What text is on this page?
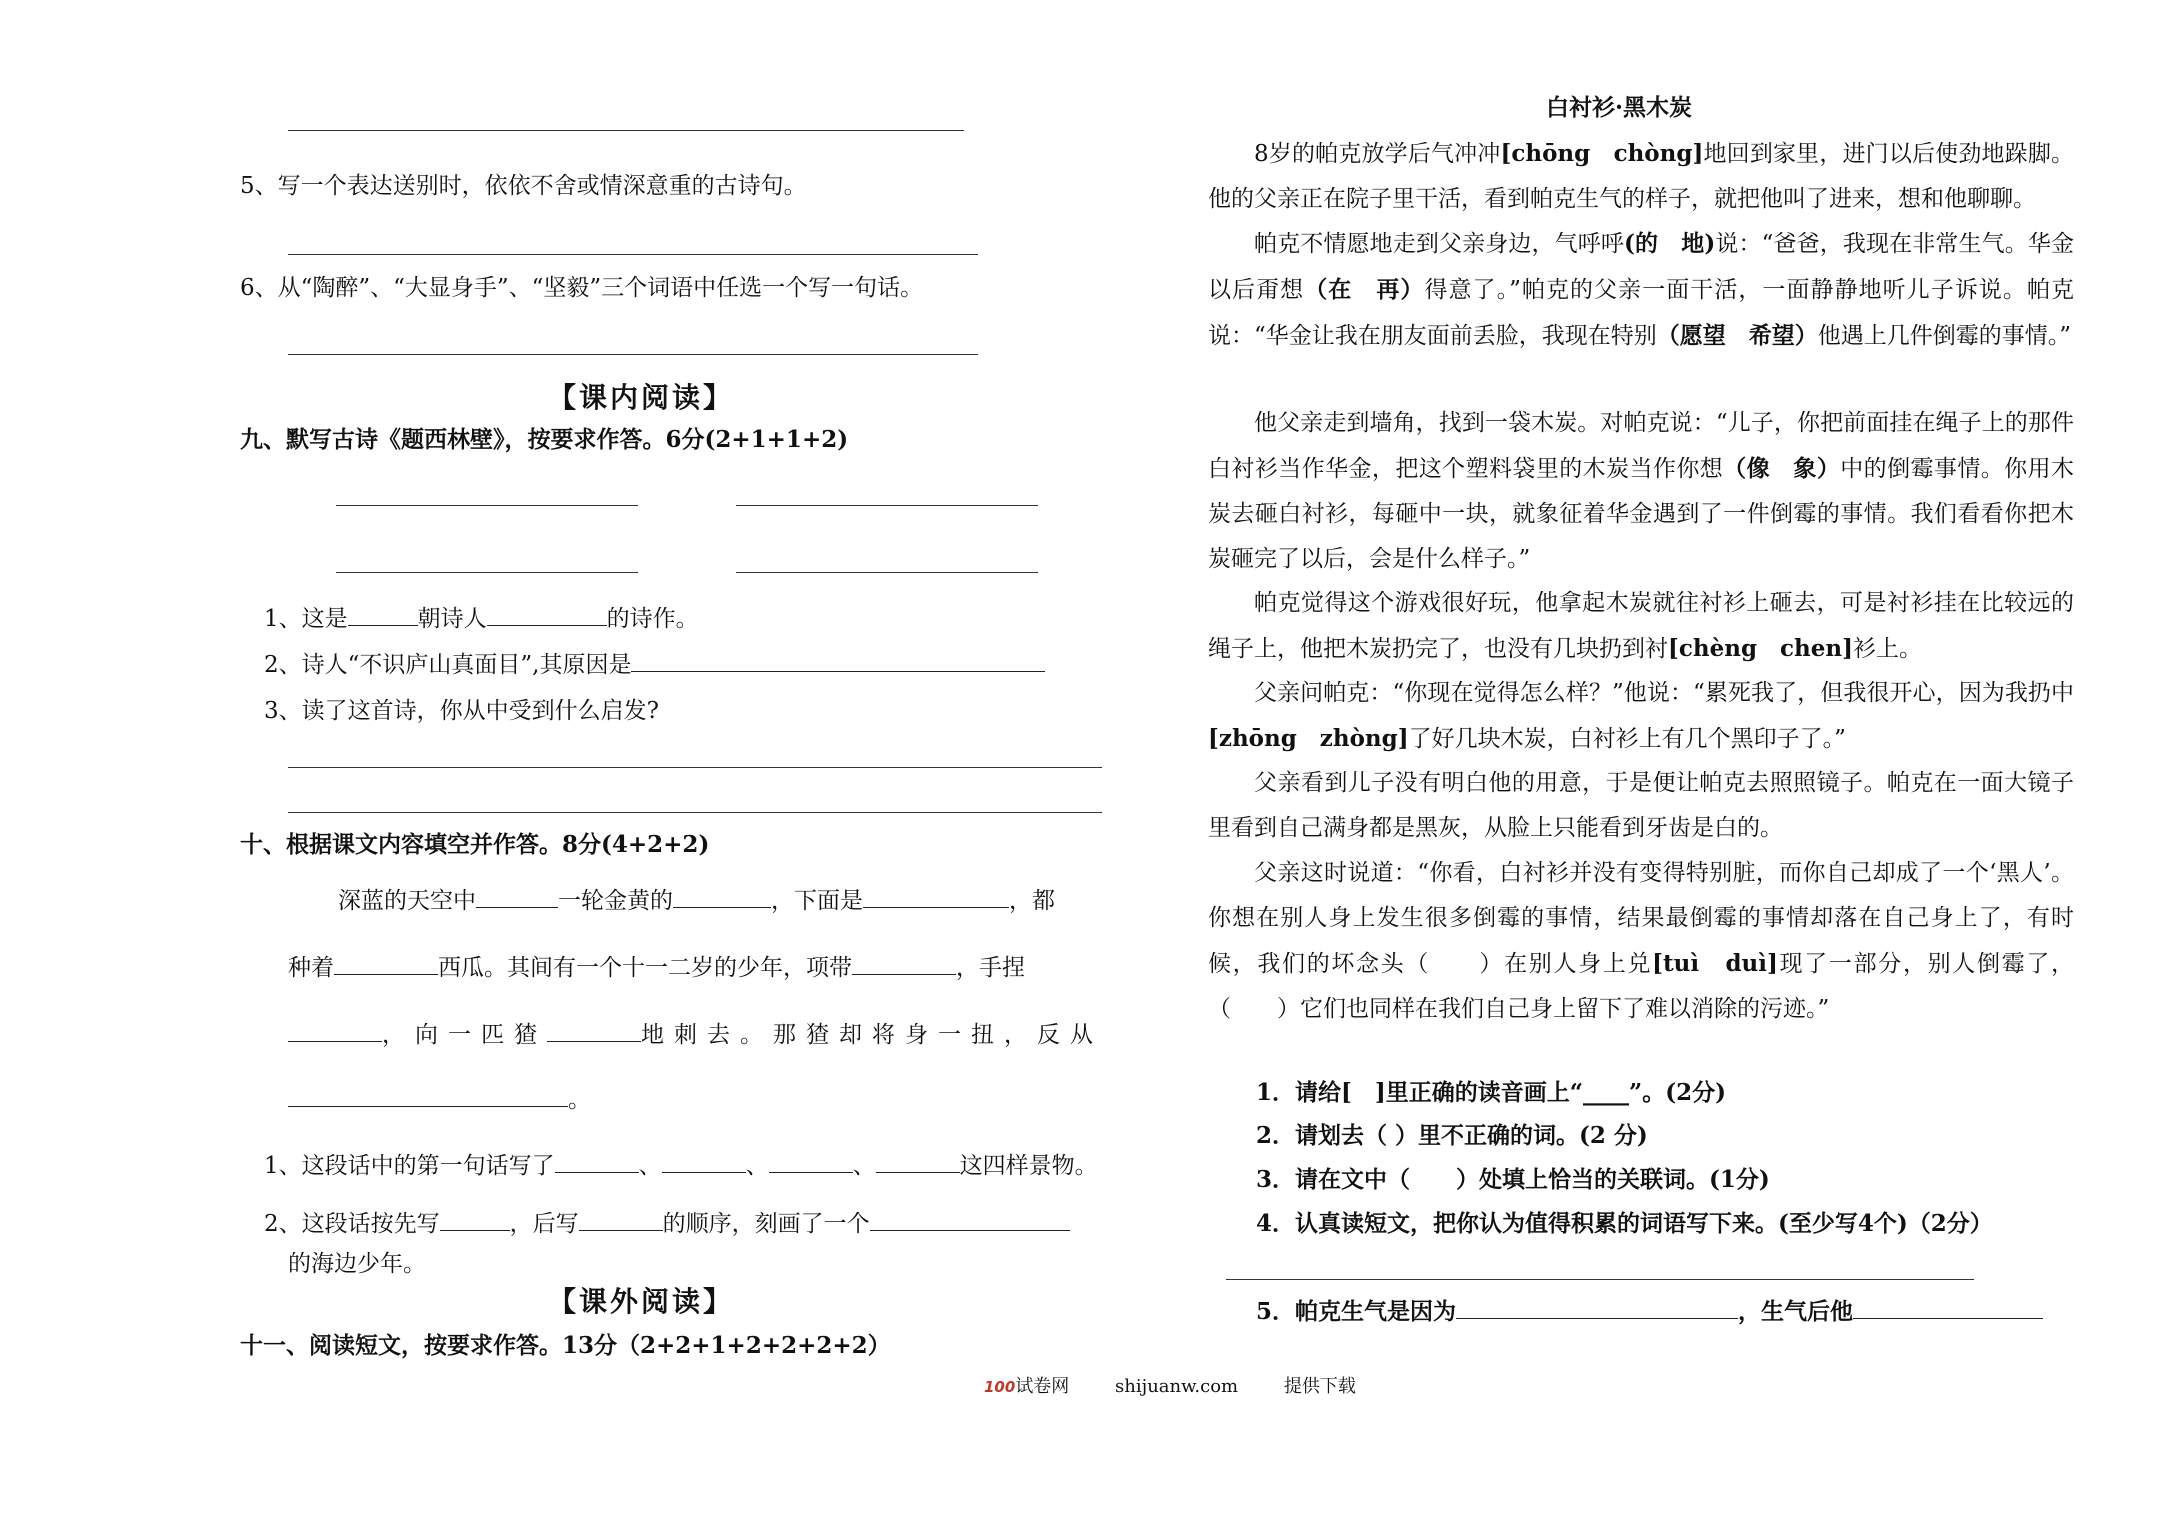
5、写一个表达送别时，依依不舍或情深意重的古诗句。
6、从“陶醉”、“大显身手”、“坚毅”三个词语中任选一个写一句话。
【课内阅读】
九、默写古诗《题西林壁》，按要求作答。6分(2+1+1+2)
1、这是	朝诗人	的诗作。
2、诗人“不识庐山真面目”,其原因是
3、读了这首诗，你从中受到什么启发?
十、根据课文内容填空并作答。8分(4+2+2)
深蓝的天空中	一轮金黄的	，下面是	，都
种着	西瓜。其间有一个十一二岁的少年，项带	，手捏
，向一匹猹	地刺去。那猹却将身一扭，反从
。
1、这段话中的第一句话写了	、	、	、	这四样景物。
2、这段话按先写	，后写	的顺序，刻画了一个
的海边少年。
【课外阅读】
十一、阅读短文，按要求作答。13分（2+2+1+2+2+2+2）
白衬衫·黑木炭
8岁的帕克放学后气冲冲[chōng　chòng]地回到家里，进门以后使劲地跺脚。他的父亲正在院子里干活，看到帕克生气的样子，就把他叫了进来，想和他聊聊。
帕克不情愿地走到父亲身边，气呼呼(的　地)说：“爸爸，我现在非常生气。华金以后甭想（在　再）得意了。”帕克的父亲一面干活，一面静静地听儿子诉说。帕克说：“华金让我在朋友面前丢脸，我现在特别（愿望　希望）他遇上几件倒霉的事情。”
他父亲走到墙角，找到一袋木炭。对帕克说：“儿子，你把前面挂在绳子上的那件白衬衫当作华金，把这个塑料袋里的木炭当作你想（像　象）中的倒霉事情。你用木炭去砸白衬衫，每砸中一块，就象征着华金遇到了一件倒霉的事情。我们看看你把木炭砸完了以后，会是什么样子。”
帕克觉得这个游戏很好玩，他拿起木炭就往衬衫上砸去，可是衬衫挂在比较远的绳子上，他把木炭扔完了，也没有几块扔到衬[chèng　chen]衫上。
父亲问帕克：“你现在觉得怎么样？”他说：“累死我了，但我很开心，因为我扔中[zhōng　zhòng]了好几块木炭，白衬衫上有几个黑印子了。”
父亲看到儿子没有明白他的用意，于是便让帕克去照照镜子。帕克在一面大镜子里看到自己满身都是黑灰，从脸上只能看到牙齿是白的。
父亲这时说道：“你看，白衬衫并没有变得特别脏，而你自己却成了一个‘黑人’。你想在别人身上发生很多倒霉的事情，结果最倒霉的事情却落在自己身上了，有时候，我们的坏念头（　　）在别人身上兑[tuì　duì]现了一部分，别人倒霉了，（　　）它们也同样在我们自己身上留下了难以消除的污迹。”
1．请给[　]里正确的读音画上“____”。(2分)
2．请划去（ ）里不正确的词。(2 分)
3．请在文中（　　）处填上恰当的关联词。(1分)
4．认真读短文，把你认为值得积累的词语写下来。(至少写4个)（2分）
5．帕克生气是因为	，生气后他
100试卷网	shijuanw.com	提供下载
